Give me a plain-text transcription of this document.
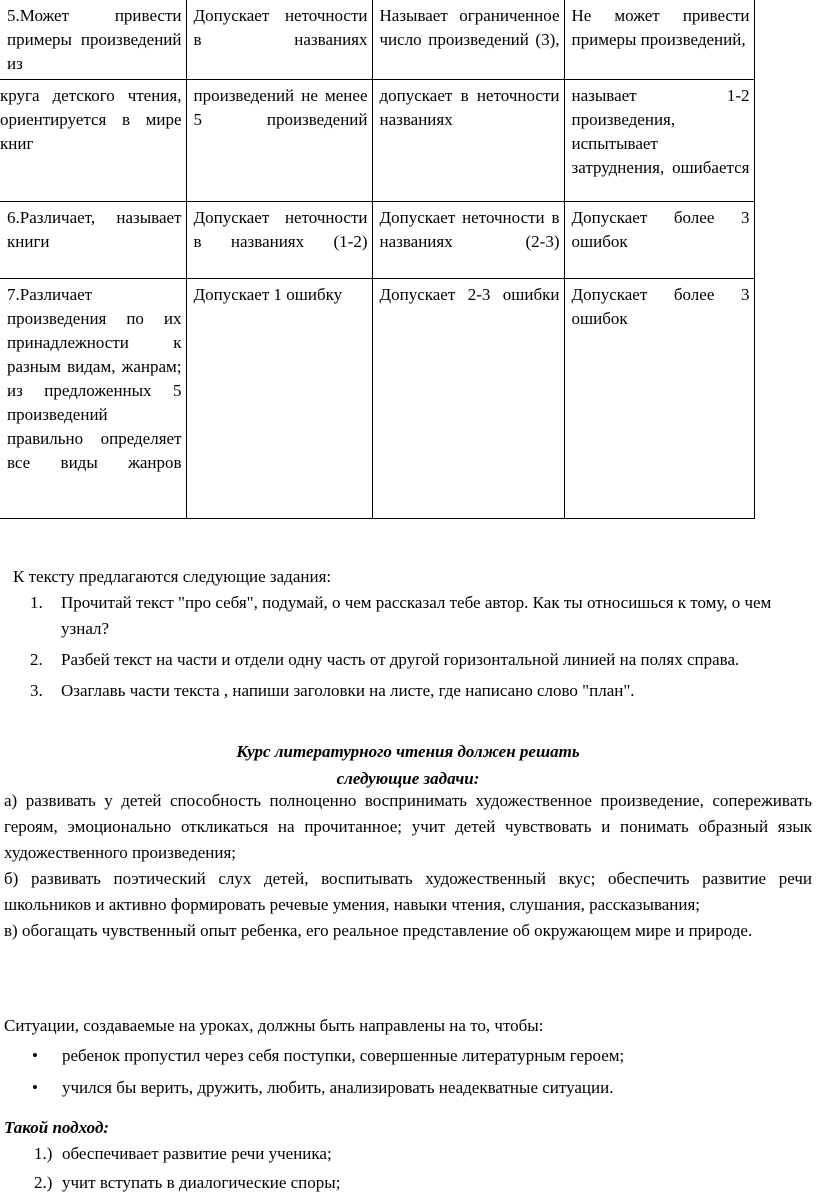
5.Может привести примеры произведений из	Допускает неточности в названиях	Называет ограниченное число произведений (3),	Не может привести примеры произведений,
круга детского чтения, ориентируется в мире книг	произведений не менее 5 произведений	допускает в неточности названиях	называет 1-2 произведения, испытывает затруднения, ошибается
6.Различает, называет книги	Допускает неточности в названиях (1-2)	Допускает неточности в названиях (2-3)	Допускает более 3 ошибок
7.Различает произведения по их принадлежности к разным видам, жанрам; из предложенных 5 произведений правильно определяет все виды жанров	Допускает 1 ошибку	Допускает 2-3 ошибки	Допускает более 3 ошибок

К тексту предлагаются следующие задания:

1. Прочитай текст "про себя", подумай, о чем рассказал тебе автор. Как ты относишься к тому, о чем узнал?
2. Разбей текст на части и отдели одну часть от другой горизонтальной линией на полях справа.
3. Озаглавь части текста , напиши заголовки на листе, где написано слово "план".
Курс литературного чтения должен решать
следующие задачи:

а) развивать у детей способность полноценно воспринимать художественное произведение, сопереживать героям, эмоционально откликаться на прочитанное; учит детей чувствовать и понимать образный язык художественного произведения;

б) развивать поэтический слух детей, воспитывать художественный вкус; обеспечить развитие речи школьников и активно формировать речевые умения, навыки чтения, слушания, рассказывания;

в) обогащать чувственный опыт ребенка, его реальное представление об окружающем мире и природе.

Ситуации, создаваемые на уроках, должны быть направлены на то, чтобы:

• ребенок пропустил через себя поступки, совершенные литературным героем;
• учился бы верить, дружить, любить, анализировать неадекватные ситуации.

Такой подход:

1.) обеспечивает развитие речи ученика;
2.) учит вступать в диалогические споры;
